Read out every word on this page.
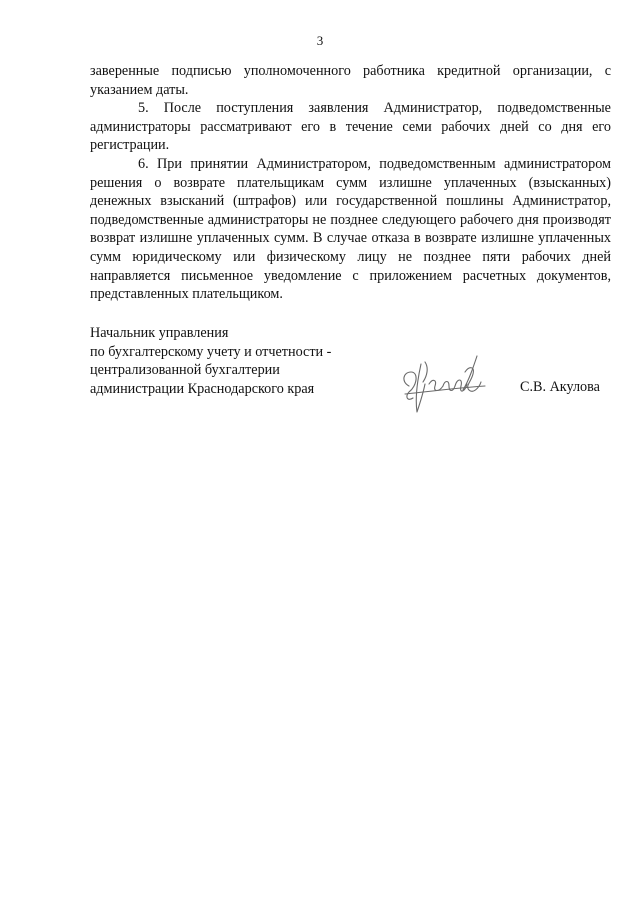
3

заверенные подписью уполномоченного работника кредитной организации, с указанием даты.

5. После поступления заявления Администратор, подведомственные администраторы рассматривают его в течение семи рабочих дней со дня его регистрации.

6. При принятии Администратором, подведомственным администратором решения о возврате плательщикам сумм излишне уплаченных (взысканных) денежных взысканий (штрафов) или государственной пошлины Администратор, подведомственные администраторы не позднее следующего рабочего дня производят возврат излишне уплаченных сумм. В случае отказа в возврате излишне уплаченных сумм юридическому или физическому лицу не позднее пяти рабочих дней направляется письменное уведомление с приложением расчетных документов, представленных плательщиком.

Начальник управления
по бухгалтерскому учету и отчетности -
централизованной бухгалтерии
администрации Краснодарского края	С.В. Акулова
